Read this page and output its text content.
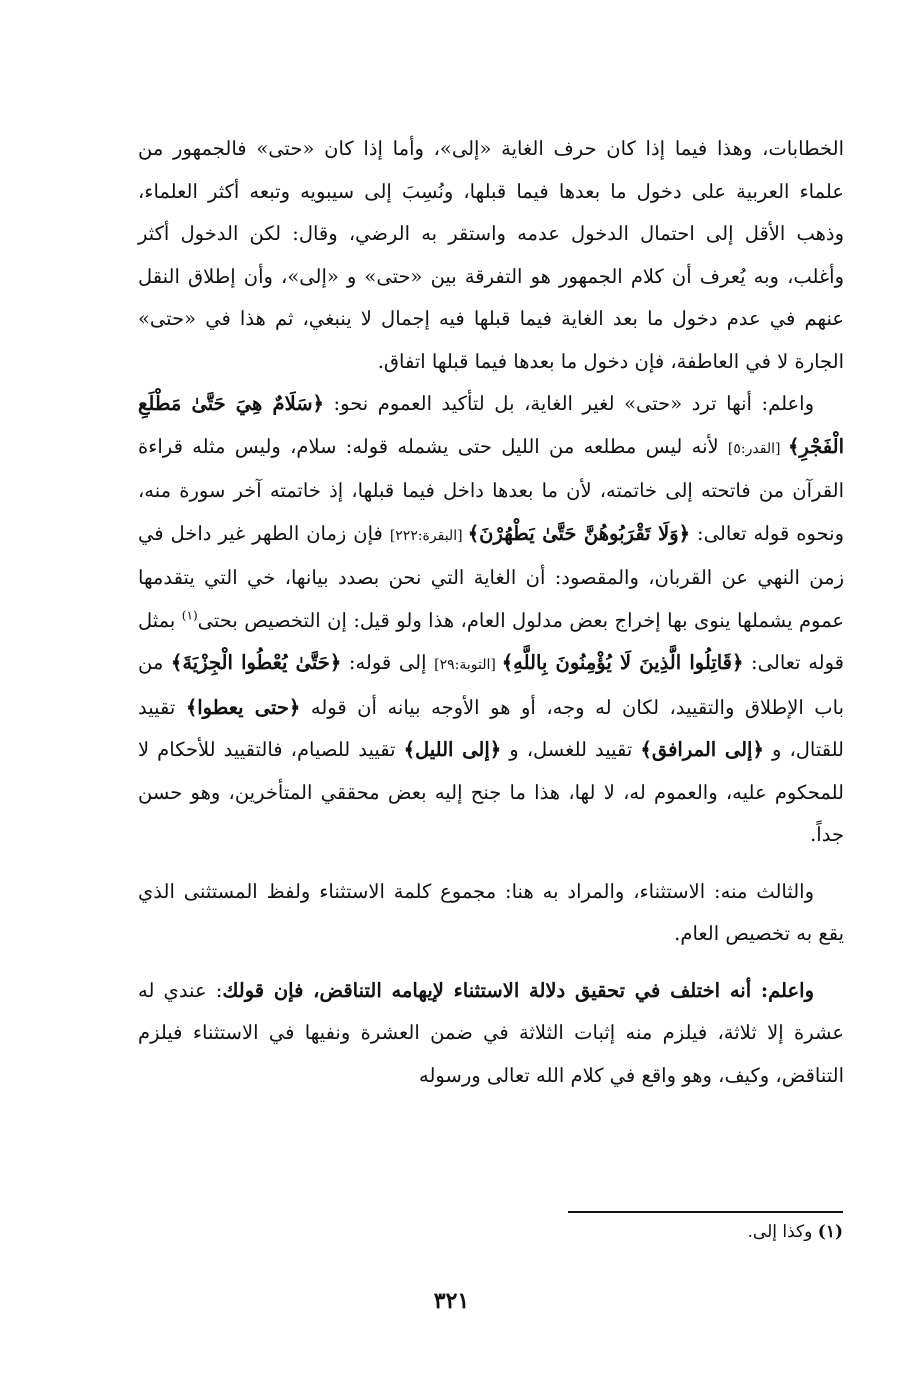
الخطابات، وهذا فيما إذا كان حرف الغاية «إلى»، وأما إذا كان «حتى» فالجمهور من علماء العربية على دخول ما بعدها فيما قبلها، ونُسِبَ إلى سيبويه وتبعه أكثر العلماء، وذهب الأقل إلى احتمال الدخول عدمه واستقر به الرضي، وقال: لكن الدخول أكثر وأغلب، وبه يُعرف أن كلام الجمهور هو التفرقة بين «حتى» و «إلى»، وأن إطلاق النقل عنهم في عدم دخول ما بعد الغاية فيما قبلها فيه إجمال لا ينبغي، ثم هذا في «حتى» الجارة لا في العاطفة، فإن دخول ما بعدها فيما قبلها اتفاق.

واعلم: أنها ترد «حتى» لغير الغاية، بل لتأكيد العموم نحو: ﴿سَلَامٌ هِيَ حَتَّىٰ مَطْلَعِ الْفَجْرِ﴾ [القدر:٥] لأنه ليس مطلعه من الليل حتى يشمله قوله: سلام، وليس مثله قراءة القرآن من فاتحته إلى خاتمته، لأن ما بعدها داخل فيما قبلها، إذ خاتمته آخر سورة منه، ونحوه قوله تعالى: ﴿وَلَا تَقْرَبُوهُنَّ حَتَّىٰ يَطْهُرْنَ﴾ [البقرة:٢٢٢] فإن زمان الطهر غير داخل في زمن النهي عن القربان، والمقصود: أن الغاية التي نحن بصدد بيانها، خي التي يتقدمها عموم يشملها ينوى بها إخراج بعض مدلول العام، هذا ولو قيل: إن التخصيص بحتى$^{(١)}$ بمثل قوله تعالى: ﴿قَاتِلُوا الَّذِينَ لَا يُؤْمِنُونَ بِاللَّهِ﴾ [التوبة:٢٩] إلى قوله: ﴿حَتَّىٰ يُعْطُوا الْجِزْيَةَ﴾ من باب الإطلاق والتقييد، لكان له وجه، أو هو الأوجه بيانه أن قوله ﴿حتى يعطوا﴾ تقييد للقتال، و ﴿إلى المرافق﴾ تقييد للغسل، و ﴿إلى الليل﴾ تقييد للصيام، فالتقييد للأحكام لا للمحكوم عليه، والعموم له، لا لها، هذا ما جنح إليه بعض محققي المتأخرين، وهو حسن جداً.

والثالث منه: الاستثناء، والمراد به هنا: مجموع كلمة الاستثناء ولفظ المستثنى الذي يقع به تخصيص العام.

واعلم: أنه اختلف في تحقيق دلالة الاستثناء لإيهامه التناقض، فإن قولك: عندي له عشرة إلا ثلاثة، فيلزم منه إثبات الثلاثة في ضمن العشرة ونفيها في الاستثناء فيلزم التناقض، وكيف، وهو واقع في كلام الله تعالى ورسوله

(١) وكذا إلى.
٣٢١
